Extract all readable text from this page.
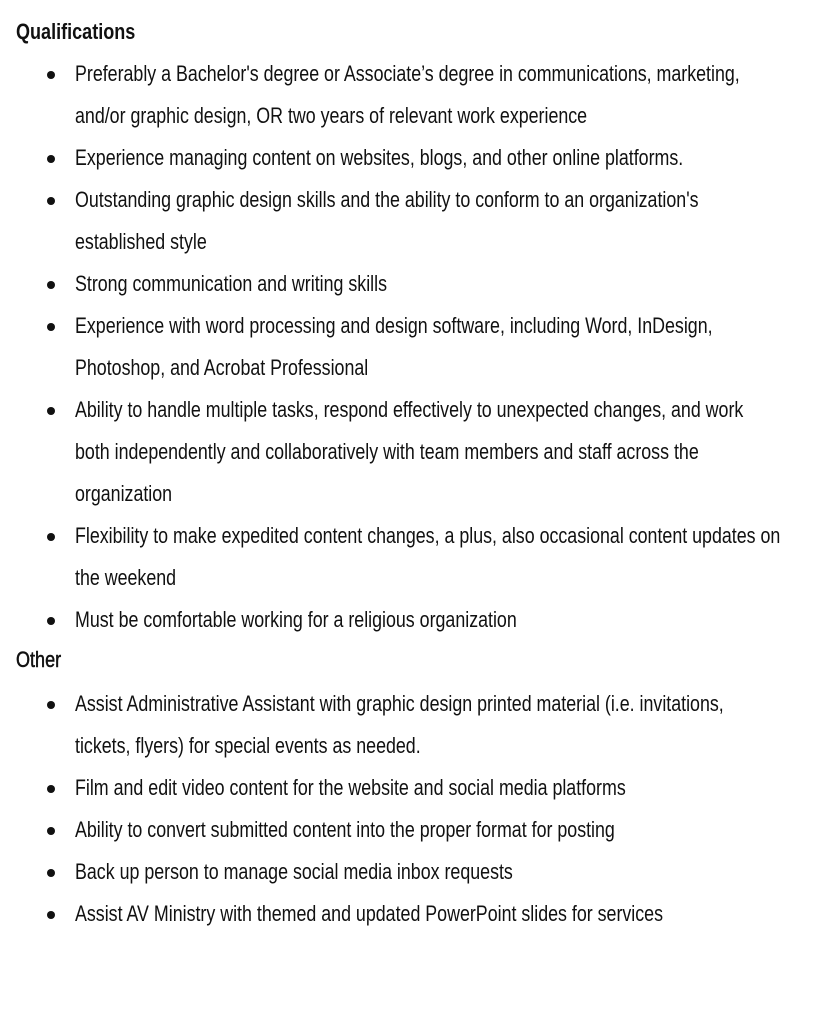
Qualifications
Preferably a Bachelor's degree or Associate’s degree in communications, marketing,
and/or graphic design, OR two years of relevant work experience
Experience managing content on websites, blogs, and other online platforms.
Outstanding graphic design skills and the ability to conform to an organization's
established style
Strong communication and writing skills
Experience with word processing and design software, including Word, InDesign,
Photoshop, and Acrobat Professional
Ability to handle multiple tasks, respond effectively to unexpected changes, and work
both independently and collaboratively with team members and staff across the
organization
Flexibility to make expedited content changes, a plus, also occasional content updates on
the weekend
Must be comfortable working for a religious organization
Other
Assist Administrative Assistant with graphic design printed material (i.e. invitations,
tickets, flyers) for special events as needed.
Film and edit video content for the website and social media platforms
Ability to convert submitted content into the proper format for posting
Back up person to manage social media inbox requests
Assist AV Ministry with themed and updated PowerPoint slides for services
